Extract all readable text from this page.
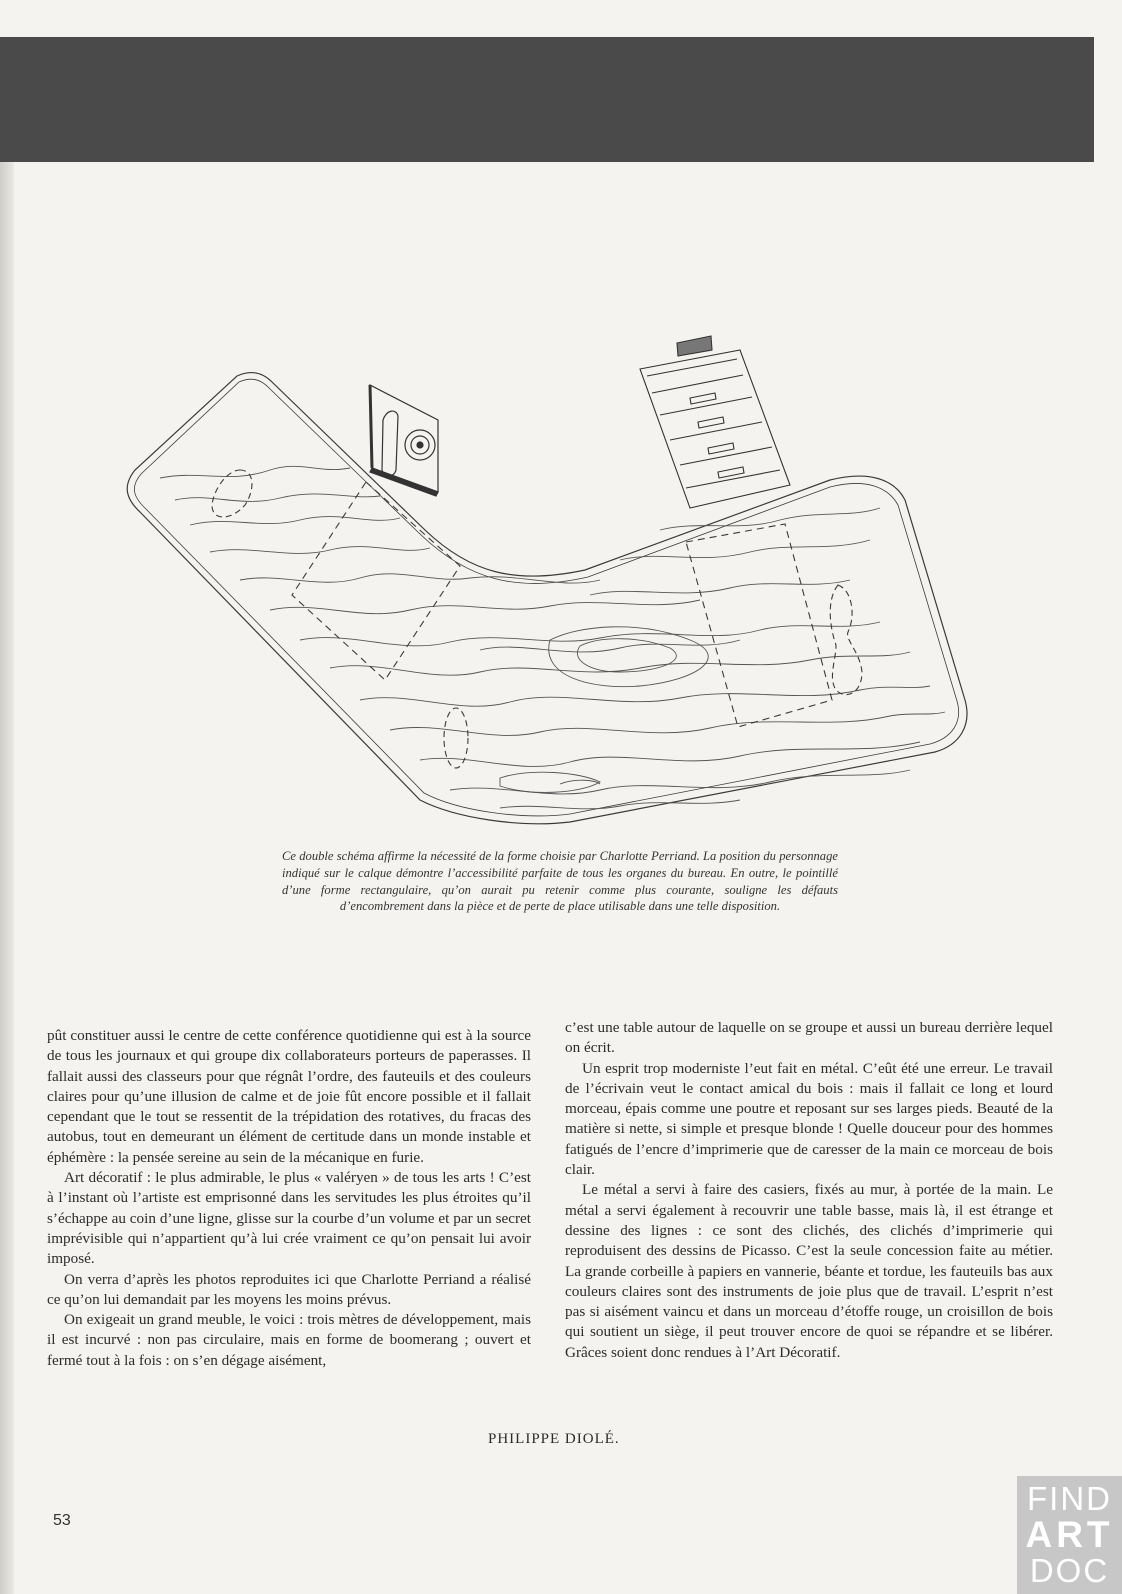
Ce double schéma affirme la nécessité de la forme choisie par Charlotte Perriand. La position du personnage indiqué sur le calque démontre l’accessibilité parfaite de tous les organes du bureau. En outre, le pointillé d’une forme rectangulaire, qu’on aurait pu retenir comme plus courante, souligne les défauts d’encombrement dans la pièce et de perte de place utilisable dans une telle disposition.

pût constituer aussi le centre de cette conférence quotidienne qui est à la source de tous les journaux et qui groupe dix collaborateurs porteurs de paperasses. Il fallait aussi des classeurs pour que régnât l’ordre, des fauteuils et des couleurs claires pour qu’une illusion de calme et de joie fût encore possible et il fallait cependant que le tout se ressentit de la trépidation des rotatives, du fracas des autobus, tout en demeurant un élément de certitude dans un monde instable et éphémère : la pensée sereine au sein de la mécanique en furie.

Art décoratif : le plus admirable, le plus « valéryen » de tous les arts ! C’est à l’instant où l’artiste est emprisonné dans les servitudes les plus étroites qu’il s’échappe au coin d’une ligne, glisse sur la courbe d’un volume et par un secret imprévisible qui n’appartient qu’à lui crée vraiment ce qu’on pensait lui avoir imposé.

On verra d’après les photos reproduites ici que Charlotte Perriand a réalisé ce qu’on lui demandait par les moyens les moins prévus.

On exigeait un grand meuble, le voici : trois mètres de développement, mais il est incurvé : non pas circulaire, mais en forme de boomerang ; ouvert et fermé tout à la fois : on s’en dégage aisément,

c’est une table autour de laquelle on se groupe et aussi un bureau derrière lequel on écrit.

Un esprit trop moderniste l’eut fait en métal. C’eût été une erreur. Le travail de l’écrivain veut le contact amical du bois : mais il fallait ce long et lourd morceau, épais comme une poutre et reposant sur ses larges pieds. Beauté de la matière si nette, si simple et presque blonde ! Quelle douceur pour des hommes fatigués de l’encre d’imprimerie que de caresser de la main ce morceau de bois clair.

Le métal a servi à faire des casiers, fixés au mur, à portée de la main. Le métal a servi également à recouvrir une table basse, mais là, il est étrange et dessine des lignes : ce sont des clichés, des clichés d’imprimerie qui reproduisent des dessins de Picasso. C’est la seule concession faite au métier. La grande corbeille à papiers en vannerie, béante et tordue, les fauteuils bas aux couleurs claires sont des instruments de joie plus que de travail. L’esprit n’est pas si aisément vaincu et dans un morceau d’étoffe rouge, un croisillon de bois qui soutient un siège, il peut trouver encore de quoi se répandre et se libérer. Grâces soient donc rendues à l’Art Décoratif.

PHILIPPE DIOLÉ.
53
FIND
ART
DOC
